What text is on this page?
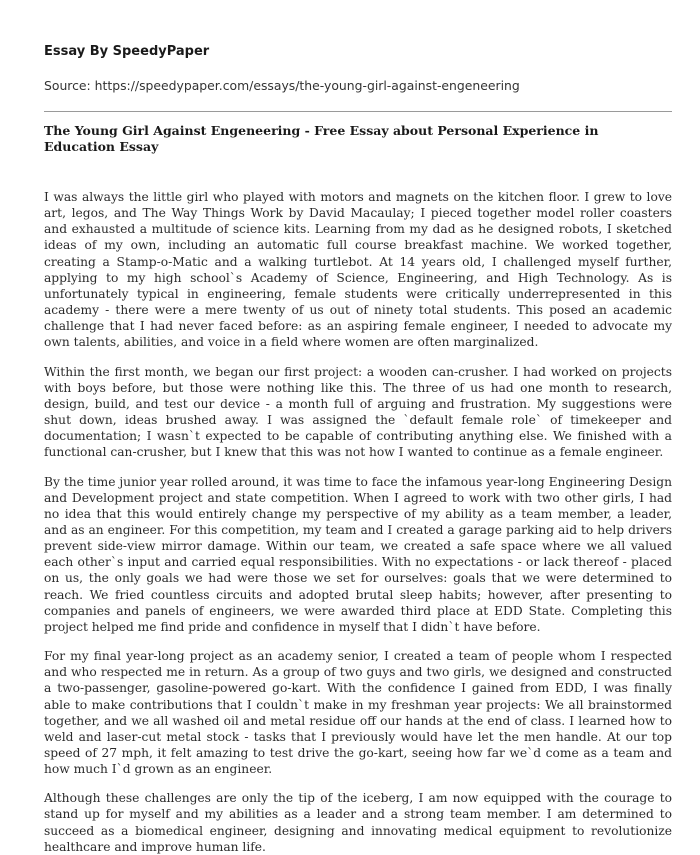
Essay By SpeedyPaper
Source: https://speedypaper.com/essays/the-young-girl-against-engeneering
The Young Girl Against Engeneering - Free Essay about Personal Experience in Education Essay

I was always the little girl who played with motors and magnets on the kitchen floor. I grew to love art, legos, and The Way Things Work by David Macaulay; I pieced together model roller coasters and exhausted a multitude of science kits. Learning from my dad as he designed robots, I sketched ideas of my own, including an automatic full course breakfast machine. We worked together, creating a Stamp-o-Matic and a walking turtlebot. At 14 years old, I challenged myself further, applying to my high school`s Academy of Science, Engineering, and High Technology. As is unfortunately typical in engineering, female students were critically underrepresented in this academy - there were a mere twenty of us out of ninety total students. This posed an academic challenge that I had never faced before: as an aspiring female engineer, I needed to advocate my own talents, abilities, and voice in a field where women are often marginalized.

Within the first month, we began our first project: a wooden can-crusher. I had worked on projects with boys before, but those were nothing like this. The three of us had one month to research, design, build, and test our device - a month full of arguing and frustration. My suggestions were shut down, ideas brushed away. I was assigned the `default female role` of timekeeper and documentation; I wasn`t expected to be capable of contributing anything else. We finished with a functional can-crusher, but I knew that this was not how I wanted to continue as a female engineer.

By the time junior year rolled around, it was time to face the infamous year-long Engineering Design and Development project and state competition. When I agreed to work with two other girls, I had no idea that this would entirely change my perspective of my ability as a team member, a leader, and as an engineer. For this competition, my team and I created a garage parking aid to help drivers prevent side-view mirror damage. Within our team, we created a safe space where we all valued each other`s input and carried equal responsibilities. With no expectations - or lack thereof - placed on us, the only goals we had were those we set for ourselves: goals that we were determined to reach. We fried countless circuits and adopted brutal sleep habits; however, after presenting to companies and panels of engineers, we were awarded third place at EDD State. Completing this project helped me find pride and confidence in myself that I didn`t have before.

For my final year-long project as an academy senior, I created a team of people whom I respected and who respected me in return. As a group of two guys and two girls, we designed and constructed a two-passenger, gasoline-powered go-kart. With the confidence I gained from EDD, I was finally able to make contributions that I couldn`t make in my freshman year projects: We all brainstormed together, and we all washed oil and metal residue off our hands at the end of class. I learned how to weld and laser-cut metal stock - tasks that I previously would have let the men handle. At our top speed of 27 mph, it felt amazing to test drive the go-kart, seeing how far we`d come as a team and how much I`d grown as an engineer.

Although these challenges are only the tip of the iceberg, I am now equipped with the courage to stand up for myself and my abilities as a leader and a strong team member. I am determined to succeed as a biomedical engineer, designing and innovating medical equipment to revolutionize healthcare and improve human life.
